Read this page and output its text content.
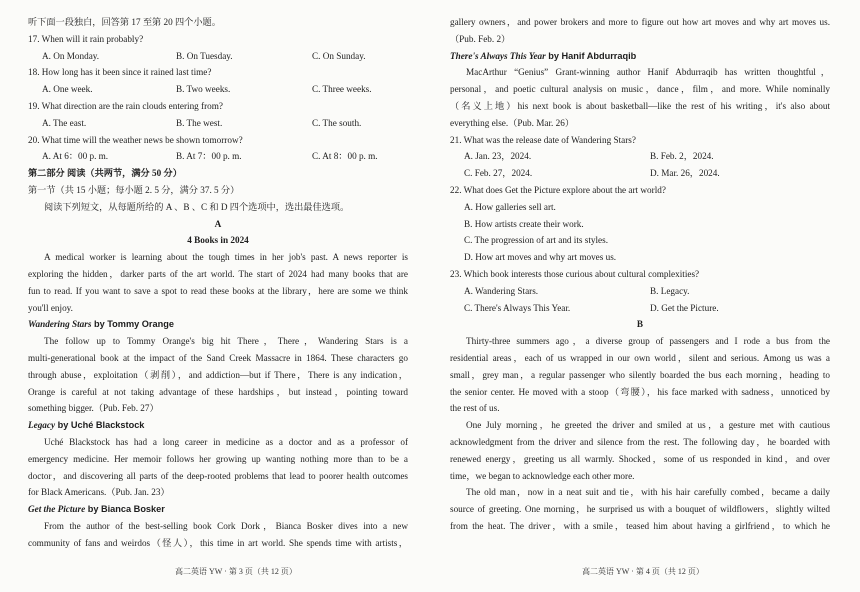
听下面一段独白，回答第 17 至第 20 四个小题。
17. When will it rain probably?
A. On Monday.	B. On Tuesday.	C. On Sunday.
18. How long has it been since it rained last time?
A. One week.	B. Two weeks.	C. Three weeks.
19. What direction are the rain clouds entering from?
A. The east.	B. The west.	C. The south.
20. What time will the weather news be shown tomorrow?
A. At 6：00 p. m.	B. At 7：00 p. m.	C. At 8：00 p. m.
第二部分 阅读（共两节，满分 50 分）
第一节（共 15 小题；每小题 2. 5 分，满分 37. 5 分）
阅读下列短文，从每题所给的 A 、B 、C 和 D 四个选项中，选出最佳选项。
A
4 Books in 2024
A medical worker is learning about the tough times in her job's past. A news reporter is
exploring the hidden，darker parts of the art world. The start of 2024 had many books that are
fun to read. If you want to save a spot to read these books at the library，here are some we think
you'll enjoy.
Wandering Stars by Tommy Orange
The follow up to Tommy Orange's big hit There，There，Wandering Stars is a
multi-generational book at the impact of the Sand Creek Massacre in 1864. These characters go
through abuse，exploitation（剥削），and addiction—but if There，There is any indication，
Orange is careful at not taking advantage of these hardships，but instead，pointing toward
something bigger.（Pub. Feb. 27）
Legacy by Uché Blackstock
Uché Blackstock has had a long career in medicine as a doctor and as a professor of
emergency medicine. Her memoir follows her growing up wanting nothing more than to be a
doctor，and discovering all parts of the deep-rooted problems that lead to poorer health outcomes
for Black Americans.（Pub. Jan. 23）
Get the Picture by Bianca Bosker
From the author of the best-selling book Cork Dork，Bianca Bosker dives into a new
community of fans and weirdos（怪人），this time in art world. She spends time with artists，
高二英语 YW · 第 3 页（共 12 页）
gallery owners，and power brokers and more to figure out how art moves and why art moves us.
（Pub. Feb. 2）
There's Always This Year by Hanif Abdurraqib
MacArthur “Genius” Grant-winning author Hanif Abdurraqib has written thoughtful，
personal，and poetic cultural analysis on music，dance，film，and more. While nominally
（名义上地）his next book is about basketball—like the rest of his writing，it's also about
everything else.（Pub. Mar. 26）
21. What was the release date of Wandering Stars?
A. Jan. 23，2024.	B. Feb. 2，2024.
C. Feb. 27，2024.	D. Mar. 26，2024.
22. What does Get the Picture explore about the art world?
A. How galleries sell art.
B. How artists create their work.
C. The progression of art and its styles.
D. How art moves and why art moves us.
23. Which book interests those curious about cultural complexities?
A. Wandering Stars.	B. Legacy.
C. There's Always This Year.	D. Get the Picture.
B
Thirty-three summers ago，a diverse group of passengers and I rode a bus from the
residential areas，each of us wrapped in our own world，silent and serious. Among us was a
small，grey man，a regular passenger who silently boarded the bus each morning，heading to
the senior center. He moved with a stoop（弯腰），his face marked with sadness，unnoticed by
the rest of us.
One July morning，he greeted the driver and smiled at us，a gesture met with cautious
acknowledgment from the driver and silence from the rest. The following day，he boarded with
renewed energy，greeting us all warmly. Shocked，some of us responded in kind，and over
time，we began to acknowledge each other more.
The old man，now in a neat suit and tie，with his hair carefully combed，became a daily
source of greeting. One morning，he surprised us with a bouquet of wildflowers，slightly wilted
from the heat. The driver，with a smile，teased him about having a girlfriend，to which he
高二英语 YW · 第 4 页（共 12 页）
